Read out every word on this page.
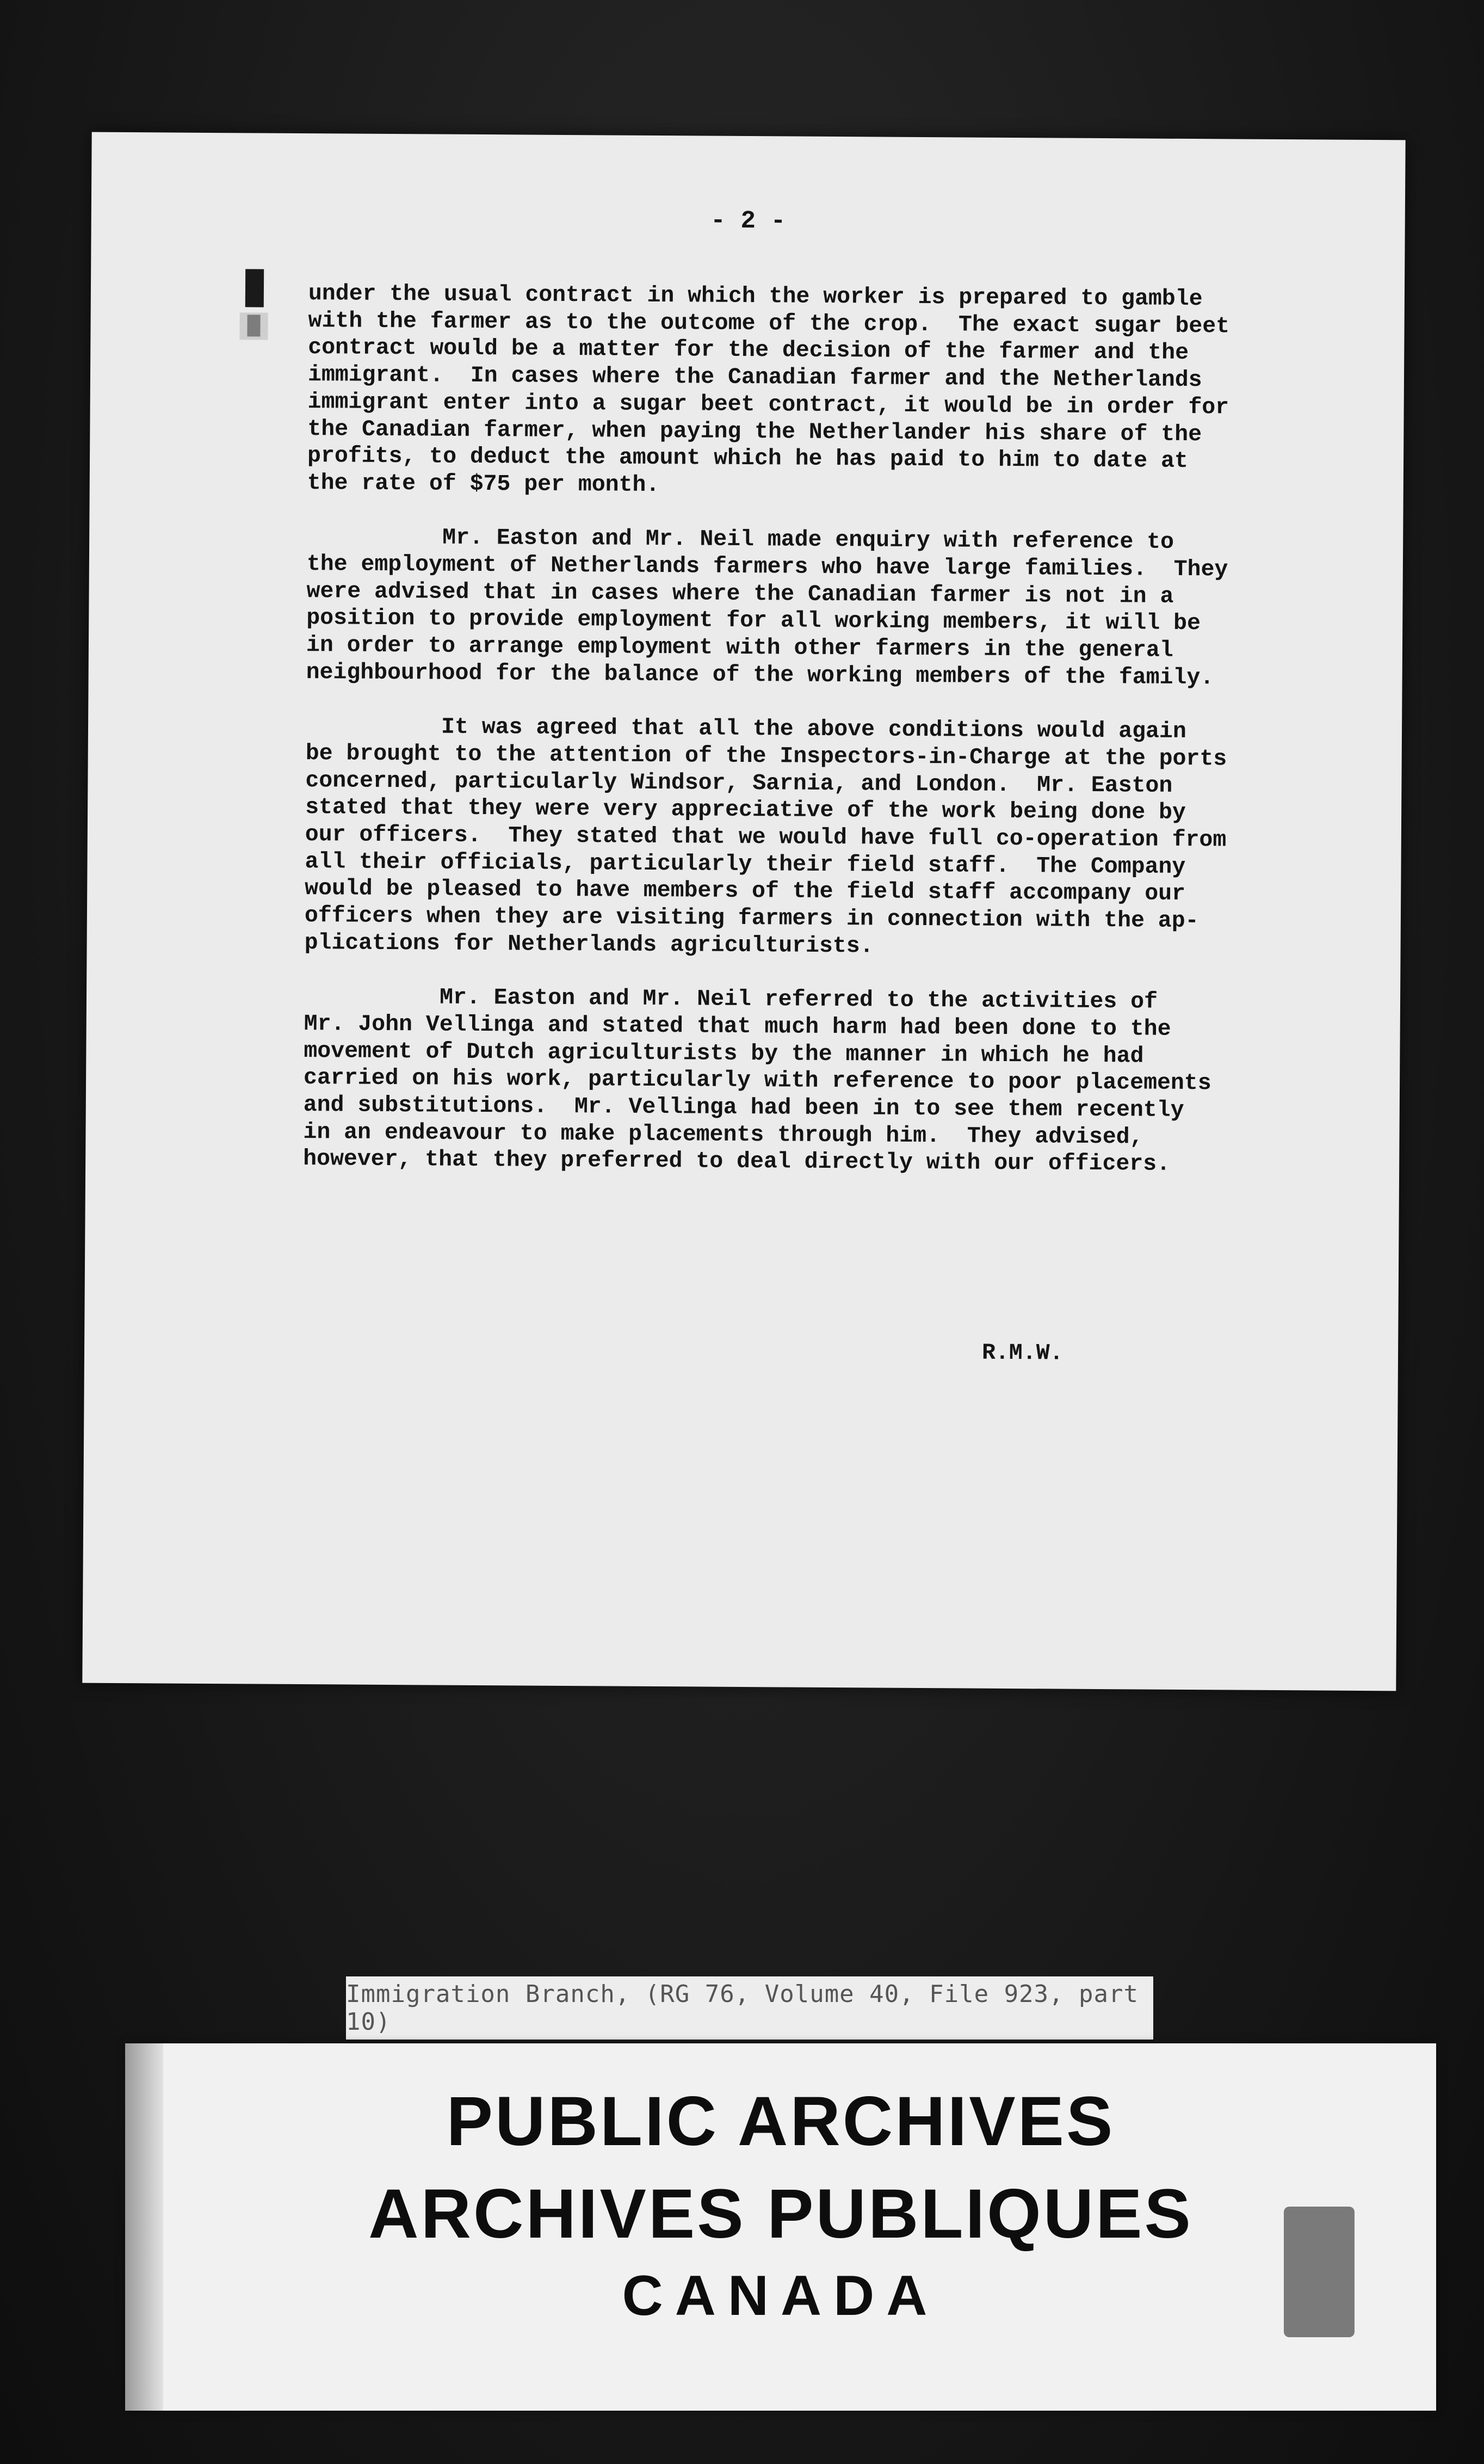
- 2 -
under the usual contract in which the worker is prepared to gamble
with the farmer as to the outcome of the crop.  The exact sugar beet
contract would be a matter for the decision of the farmer and the
immigrant.  In cases where the Canadian farmer and the Netherlands
immigrant enter into a sugar beet contract, it would be in order for
the Canadian farmer, when paying the Netherlander his share of the
profits, to deduct the amount which he has paid to him to date at
the rate of $75 per month.
Mr. Easton and Mr. Neil made enquiry with reference to
the employment of Netherlands farmers who have large families.  They
were advised that in cases where the Canadian farmer is not in a
position to provide employment for all working members, it will be
in order to arrange employment with other farmers in the general
neighbourhood for the balance of the working members of the family.
It was agreed that all the above conditions would again
be brought to the attention of the Inspectors-in-Charge at the ports
concerned, particularly Windsor, Sarnia, and London.  Mr. Easton
stated that they were very appreciative of the work being done by
our officers.  They stated that we would have full co-operation from
all their officials, particularly their field staff.  The Company
would be pleased to have members of the field staff accompany our
officers when they are visiting farmers in connection with the ap-
plications for Netherlands agriculturists.
Mr. Easton and Mr. Neil referred to the activities of
Mr. John Vellinga and stated that much harm had been done to the
movement of Dutch agriculturists by the manner in which he had
carried on his work, particularly with reference to poor placements
and substitutions.  Mr. Vellinga had been in to see them recently
in an endeavour to make placements through him.  They advised,
however, that they preferred to deal directly with our officers.
R.M.W.
Immigration Branch, (RG 76, Volume 40, File 923, part 10)
PUBLIC ARCHIVES
ARCHIVES PUBLIQUES
CANADA
